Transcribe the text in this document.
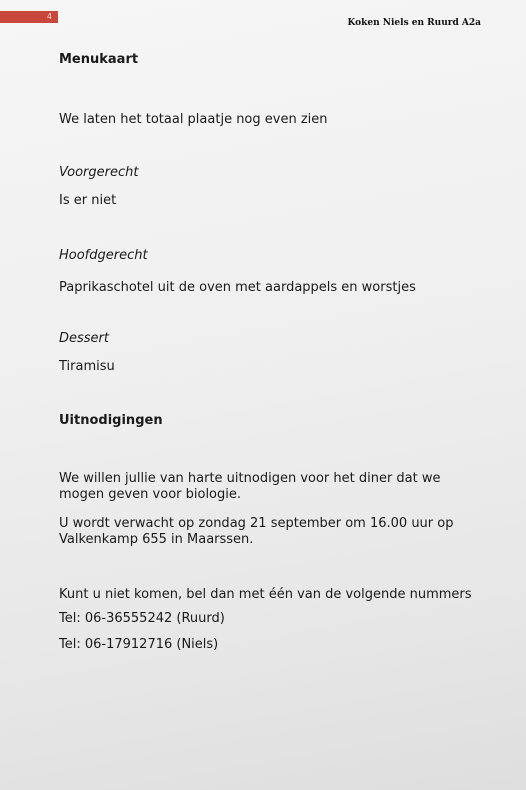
4
Koken Niels en Ruurd A2a
Menukaart
We laten het totaal plaatje nog even zien
Voorgerecht
Is er niet
Hoofdgerecht
Paprikaschotel uit de oven met aardappels en worstjes
Dessert
Tiramisu
Uitnodigingen
We willen jullie van harte uitnodigen voor het diner dat we
mogen geven voor biologie.
U wordt verwacht op zondag 21 september om 16.00 uur op
Valkenkamp 655 in Maarssen.
Kunt u niet komen, bel dan met één van de volgende nummers
Tel: 06-36555242 (Ruurd)
Tel: 06-17912716 (Niels)
